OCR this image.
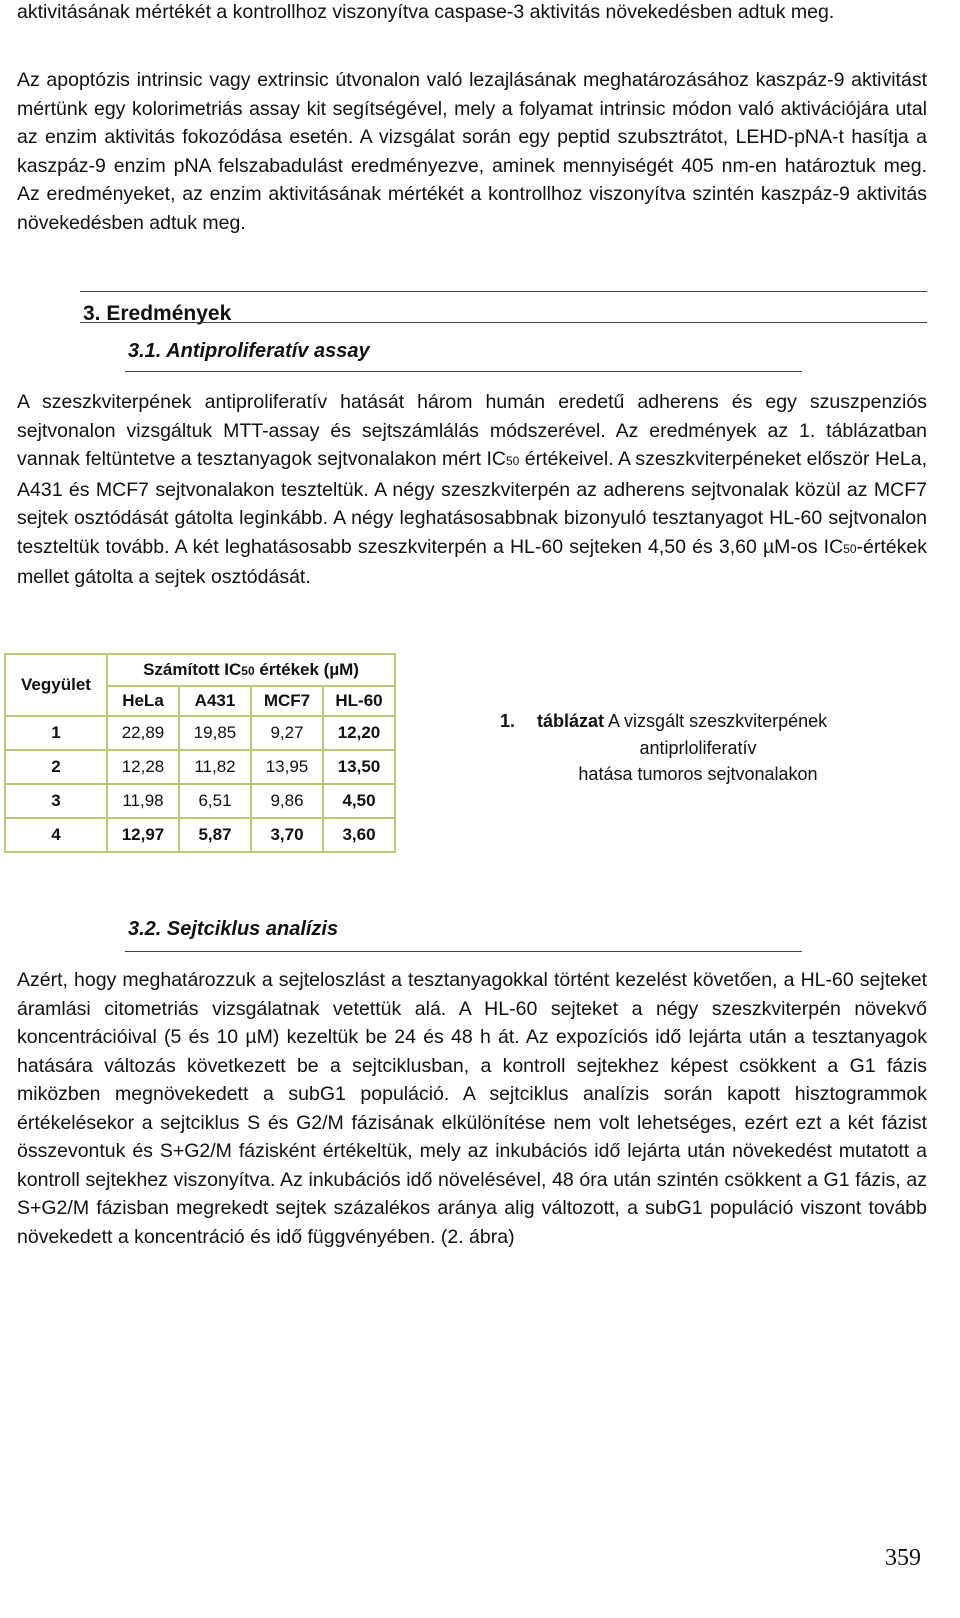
aktivitásának mértékét a kontrollhoz viszonyítva caspase-3 aktivitás növekedésben adtuk meg.

Az apoptózis intrinsic vagy extrinsic útvonalon való lezajlásának meghatározásához kaszpáz-9 aktivitást mértünk egy kolorimetriás assay kit segítségével, mely a folyamat intrinsic módon való aktivációjára utal az enzim aktivitás fokozódása esetén. A vizsgálat során egy peptid szubsztrátot, LEHD-pNA-t hasítja a kaszpáz-9 enzim pNA felszabadulást eredményezve, aminek mennyiségét 405 nm-en határoztuk meg. Az eredményeket, az enzim aktivitásának mértékét a kontrollhoz viszonyítva szintén kaszpáz-9 aktivitás növekedésben adtuk meg.

3. Eredmények
3.1. Antiproliferatív assay

A szeszkviterpének antiproliferatív hatását három humán eredetű adherens és egy szuszpenziós sejtvonalon vizsgáltuk MTT-assay és sejtszámlálás módszerével. Az eredmények az 1. táblázatban vannak feltüntetve a tesztanyagok sejtvonalakon mért IC50 értékeivel. A szeszkviterpéneket először HeLa, A431 és MCF7 sejtvonalakon teszteltük. A négy szeszkviterpén az adherens sejtvonalak közül az MCF7 sejtek osztódását gátolta leginkább. A négy leghatásosabbnak bizonyuló tesztanyagot HL-60 sejtvonalon teszteltük tovább. A két leghatásosabb szeszkviterpén a HL-60 sejteken 4,50 és 3,60 µM-os IC50-értékek mellet gátolta a sejtek osztódását.

Vegyület	Számított IC50 értékek (µM)			
	HeLa	A431	MCF7	HL-60
1	22,89	19,85	9,27	12,20
2	12,28	11,82	13,95	13,50
3	11,98	6,51	9,86	4,50
4	12,97	5,87	3,70	3,60
1. táblázat A vizsgált szeszkviterpének
antiprloliferatív
hatása tumoros sejtvonalakon
3.2. Sejtciklus analízis

Azért, hogy meghatározzuk a sejteloszlást a tesztanyagokkal történt kezelést követően, a HL-60 sejteket áramlási citometriás vizsgálatnak vetettük alá. A HL-60 sejteket a négy szeszkviterpén növekvő koncentrációival (5 és 10 µM) kezeltük be 24 és 48 h át. Az expozíciós idő lejárta után a tesztanyagok hatására változás következett be a sejtciklusban, a kontroll sejtekhez képest csökkent a G1 fázis miközben megnövekedett a subG1 populáció. A sejtciklus analízis során kapott hisztogrammok értékelésekor a sejtciklus S és G2/M fázisának elkülönítése nem volt lehetséges, ezért ezt a két fázist összevontuk és S+G2/M fázisként értékeltük, mely az inkubációs idő lejárta után növekedést mutatott a kontroll sejtekhez viszonyítva. Az inkubációs idő növelésével, 48 óra után szintén csökkent a G1 fázis, az S+G2/M fázisban megrekedt sejtek százalékos aránya alig változott, a subG1 populáció viszont tovább növekedett a koncentráció és idő függvényében. (2. ábra)

359
